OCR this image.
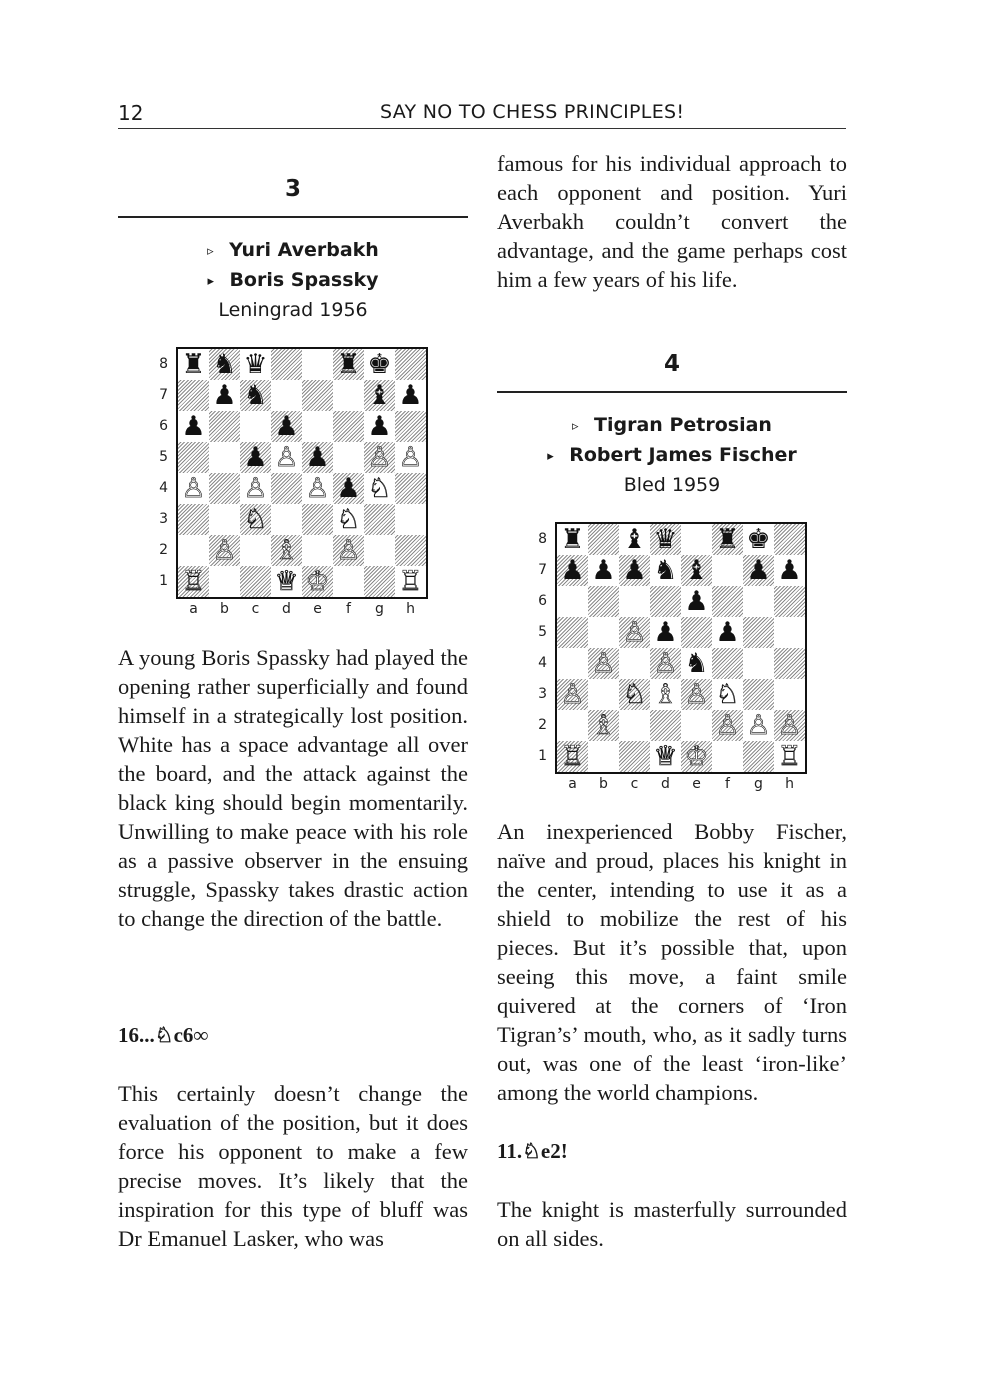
12	SAY NO TO CHESS PRINCIPLES!
3
▹ Yuri Averbakh
▸ Boris Spassky
Leningrad 1956
♜ ♞ ♛	♜ ♚
♟ ♞	♝ ♟
♟	♟	♟
♟ ♙ ♟ ♙ ♙
♙ ♙ ♙ ♟ ♘
♘	♘
♙ ♗ ♙
♖	♕ ♔	♖
8
7
6
5
4
3
2
1
a	b	c	d	e	f	g	h

A young Boris Spassky had played the opening rather superficially and found himself in a strategically lost position. White has a space advantage all over the board, and the attack against the black king should begin momentarily. Unwilling to make peace with his role as a passive observer in the ensuing struggle, Spassky takes drastic action to change the direction of the battle.

16...♘c6∞

This certainly doesn’t change the evaluation of the position, but it does force his opponent to make a few precise moves. It’s likely that the inspiration for this type of bluff was Dr Emanuel Lasker, who was

famous for his individual approach to each opponent and position. Yuri Averbakh couldn’t convert the advantage, and the game perhaps cost him a few years of his life.

4
▹ Tigran Petrosian
▸ Robert James Fischer
Bled 1959
♜ ♝ ♛ ♜ ♚
♟ ♟ ♟ ♞ ♝ ♟ ♟
♟
♙ ♟ ♟
♙ ♙ ♞
♙ ♘ ♗ ♙ ♘
♗	♙ ♙ ♙
♖	♕ ♔	♖
8
7
6
5
4
3
2
1
a	b	c	d	e	f	g	h

An inexperienced Bobby Fischer, naïve and proud, places his knight in the center, intending to use it as a shield to mobilize the rest of his pieces. But it’s possible that, upon seeing this move, a faint smile quivered at the corners of ‘Iron Tigran’s’ mouth, who, as it sadly turns out, was one of the least ‘iron-like’ among the world champions.

11.♘e2!

The knight is masterfully surrounded on all sides.
